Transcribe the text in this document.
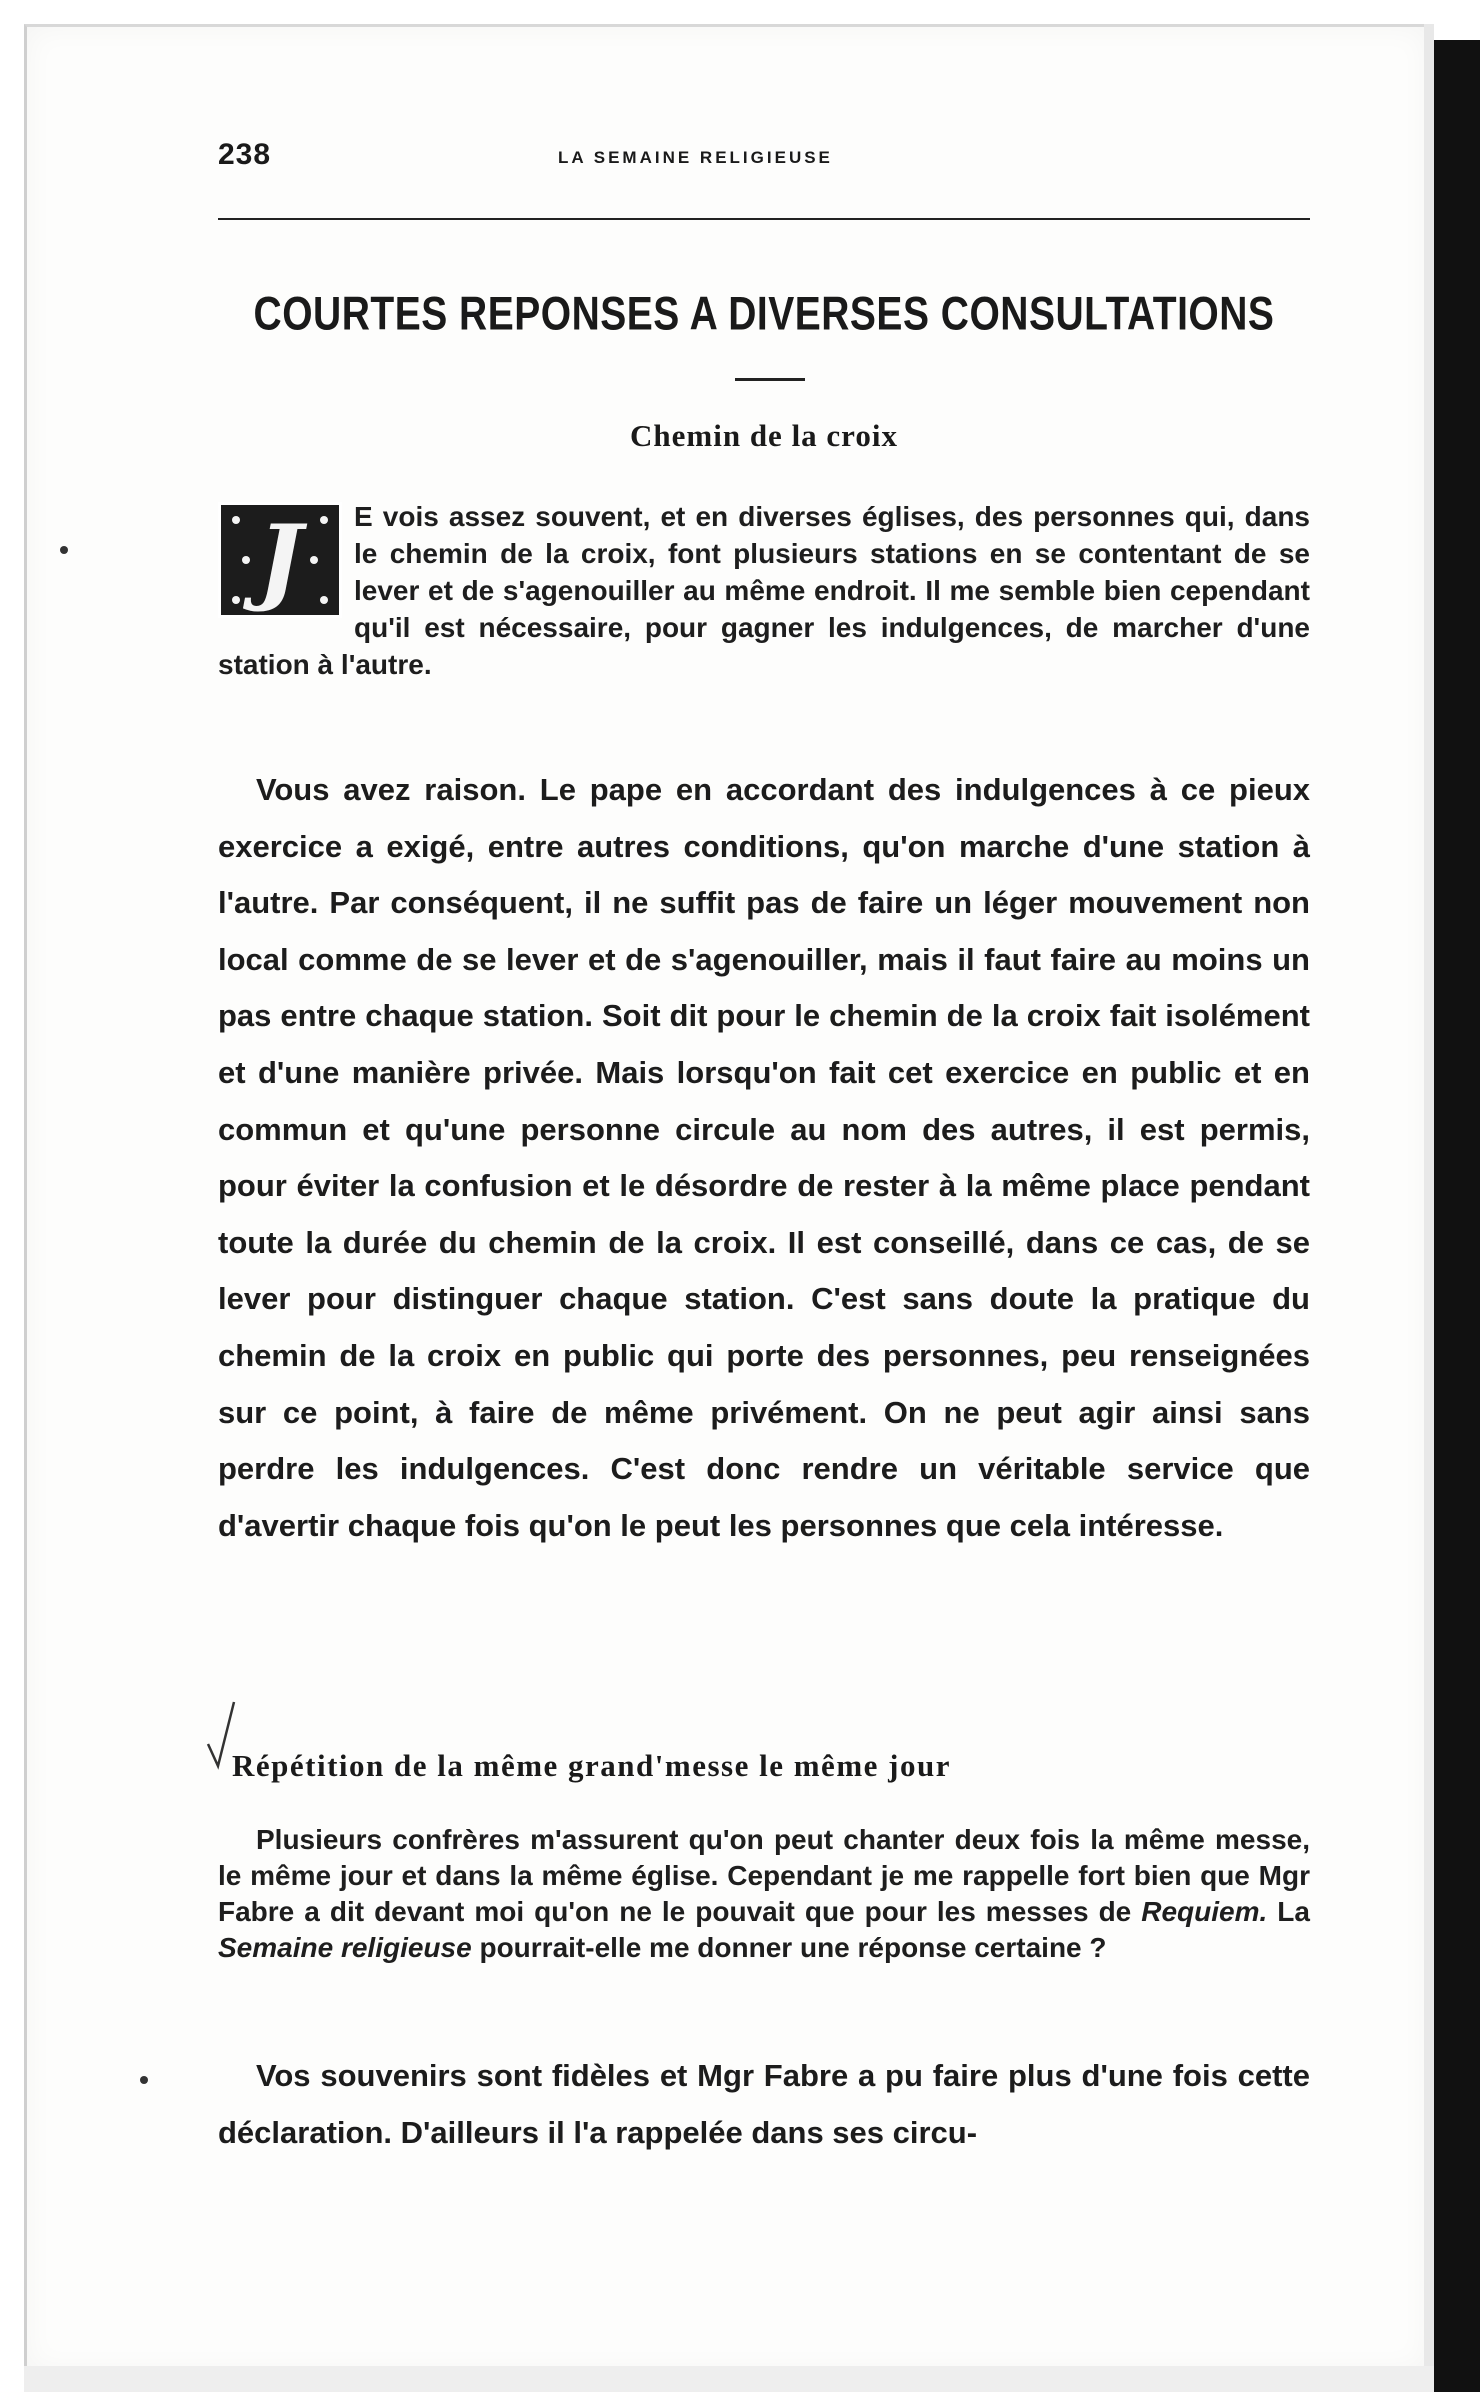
238	LA SEMAINE RELIGIEUSE
COURTES REPONSES A DIVERSES CONSULTATIONS
Chemin de la croix
J	E vois assez souvent, et en diverses églises, des personnes qui, dans le chemin de la croix, font plusieurs stations en se contentant de se lever et de s'agenouiller au même endroit. Il me semble bien cependant qu'il est nécessaire, pour gagner les indulgences, de marcher d'une station à l'autre.

Vous avez raison. Le pape en accordant des indulgences à ce pieux exercice a exigé, entre autres conditions, qu'on marche d'une station à l'autre. Par conséquent, il ne suffit pas de faire un léger mouvement non local comme de se lever et de s'agenouiller, mais il faut faire au moins un pas entre chaque station. Soit dit pour le chemin de la croix fait isolément et d'une manière privée. Mais lorsqu'on fait cet exercice en public et en commun et qu'une personne circule au nom des autres, il est permis, pour éviter la confusion et le désordre de rester à la même place pendant toute la durée du chemin de la croix. Il est conseillé, dans ce cas, de se lever pour distinguer chaque station. C'est sans doute la pratique du chemin de la croix en public qui porte des personnes, peu renseignées sur ce point, à faire de même privément. On ne peut agir ainsi sans perdre les indulgences. C'est donc rendre un véritable service que d'avertir chaque fois qu'on le peut les personnes que cela intéresse.

Répétition de la même grand'messe le même jour

Plusieurs confrères m'assurent qu'on peut chanter deux fois la même messe, le même jour et dans la même église. Cependant je me rappelle fort bien que Mgr Fabre a dit devant moi qu'on ne le pouvait que pour les messes de Requiem. La Semaine religieuse pourrait-elle me donner une réponse certaine ?

Vos souvenirs sont fidèles et Mgr Fabre a pu faire plus d'une fois cette déclaration. D'ailleurs il l'a rappelée dans ses circu-
